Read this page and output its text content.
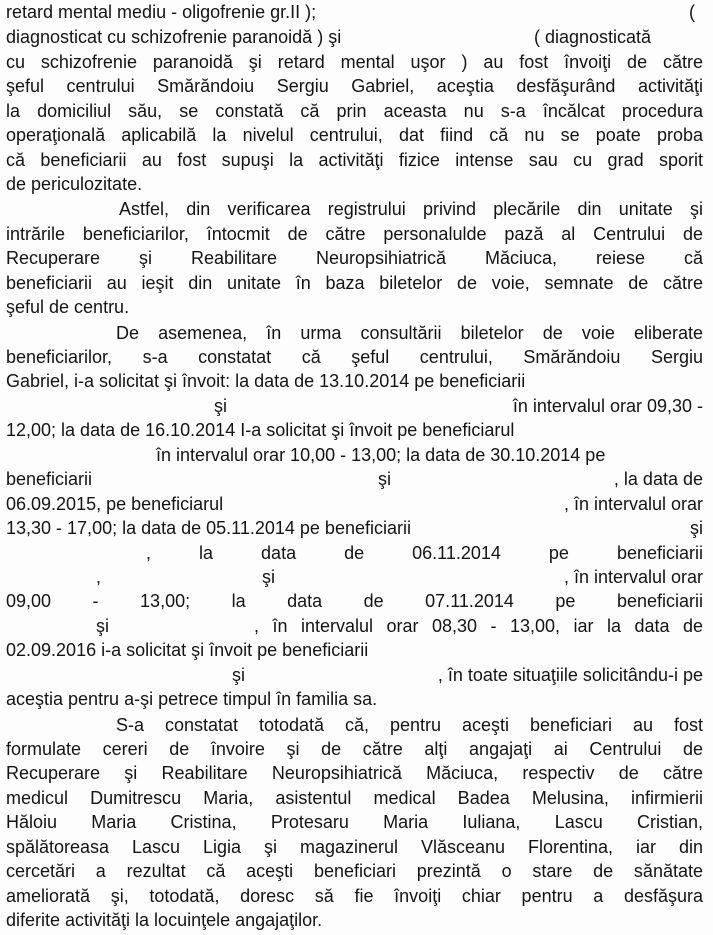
retard mental mediu - oligofrenie gr.II );	(
diagnosticat cu schizofrenie paranoidă ) şi	( diagnosticată
cu schizofrenie paranoidă şi retard mental uşor ) au fost învoiţi de către
şeful centrului Smărăndoiu Sergiu Gabriel, aceştia desfăşurând activităţi
la domiciliul său, se constată că prin aceasta nu s-a încălcat procedura
operaţională aplicabilă la nivelul centrului, dat fiind că nu se poate proba
că beneficiarii au fost supuşi la activităţi fizice intense sau cu grad sporit
de periculozitate.
Astfel, din verificarea registrului privind plecările din unitate şi
intrările beneficiarilor, întocmit de către personalulde pază al Centrului de
Recuperare şi Reabilitare Neuropsihiatrică Măciuca, reiese că
beneficiarii au ieşit din unitate în baza biletelor de voie, semnate de către
şeful de centru.
De asemenea, în urma consultării biletelor de voie eliberate
beneficiarilor, s-a constatat că şeful centrului, Smărăndoiu Sergiu
Gabriel, i-a solicitat şi învoit: la data de 13.10.2014 pe beneficiarii
şi	în intervalul orar 09,30 -
12,00; la data de 16.10.2014 I-a solicitat şi învoit pe beneficiarul
în intervalul orar 10,00 - 13,00; la data de 30.10.2014 pe
beneficiarii	şi	, la data de
06.09.2015, pe beneficiarul	, în intervalul orar
13,30 - 17,00; la data de 05.11.2014 pe beneficiarii	şi
, la data de 06.11.2014 pe beneficiarii
,	şi	, în intervalul orar
09,00 - 13,00; la data de 07.11.2014 pe beneficiarii
şi	, în intervalul orar 08,30 - 13,00, iar la data de
02.09.2016 i-a solicitat şi învoit pe beneficiarii
şi	, în toate situaţiile solicitându-i pe
aceştia pentru a-şi petrece timpul în familia sa.
S-a constatat totodată că, pentru aceşti beneficiari au fost
formulate cereri de învoire şi de către alţi angajaţi ai Centrului de
Recuperare şi Reabilitare Neuropsihiatrică Măciuca, respectiv de către
medicul Dumitrescu Maria, asistentul medical Badea Melusina, infirmierii
Hăloiu Maria Cristina, Protesaru Maria Iuliana, Lascu Cristian,
spălătoreasa Lascu Ligia şi magazinerul Vlăsceanu Florentina, iar din
cercetări a rezultat că aceşti beneficiari prezintă o stare de sănătate
ameliorată şi, totodată, doresc să fie învoiţi chiar pentru a desfăşura
diferite activităţi la locuinţele angajaţilor.
